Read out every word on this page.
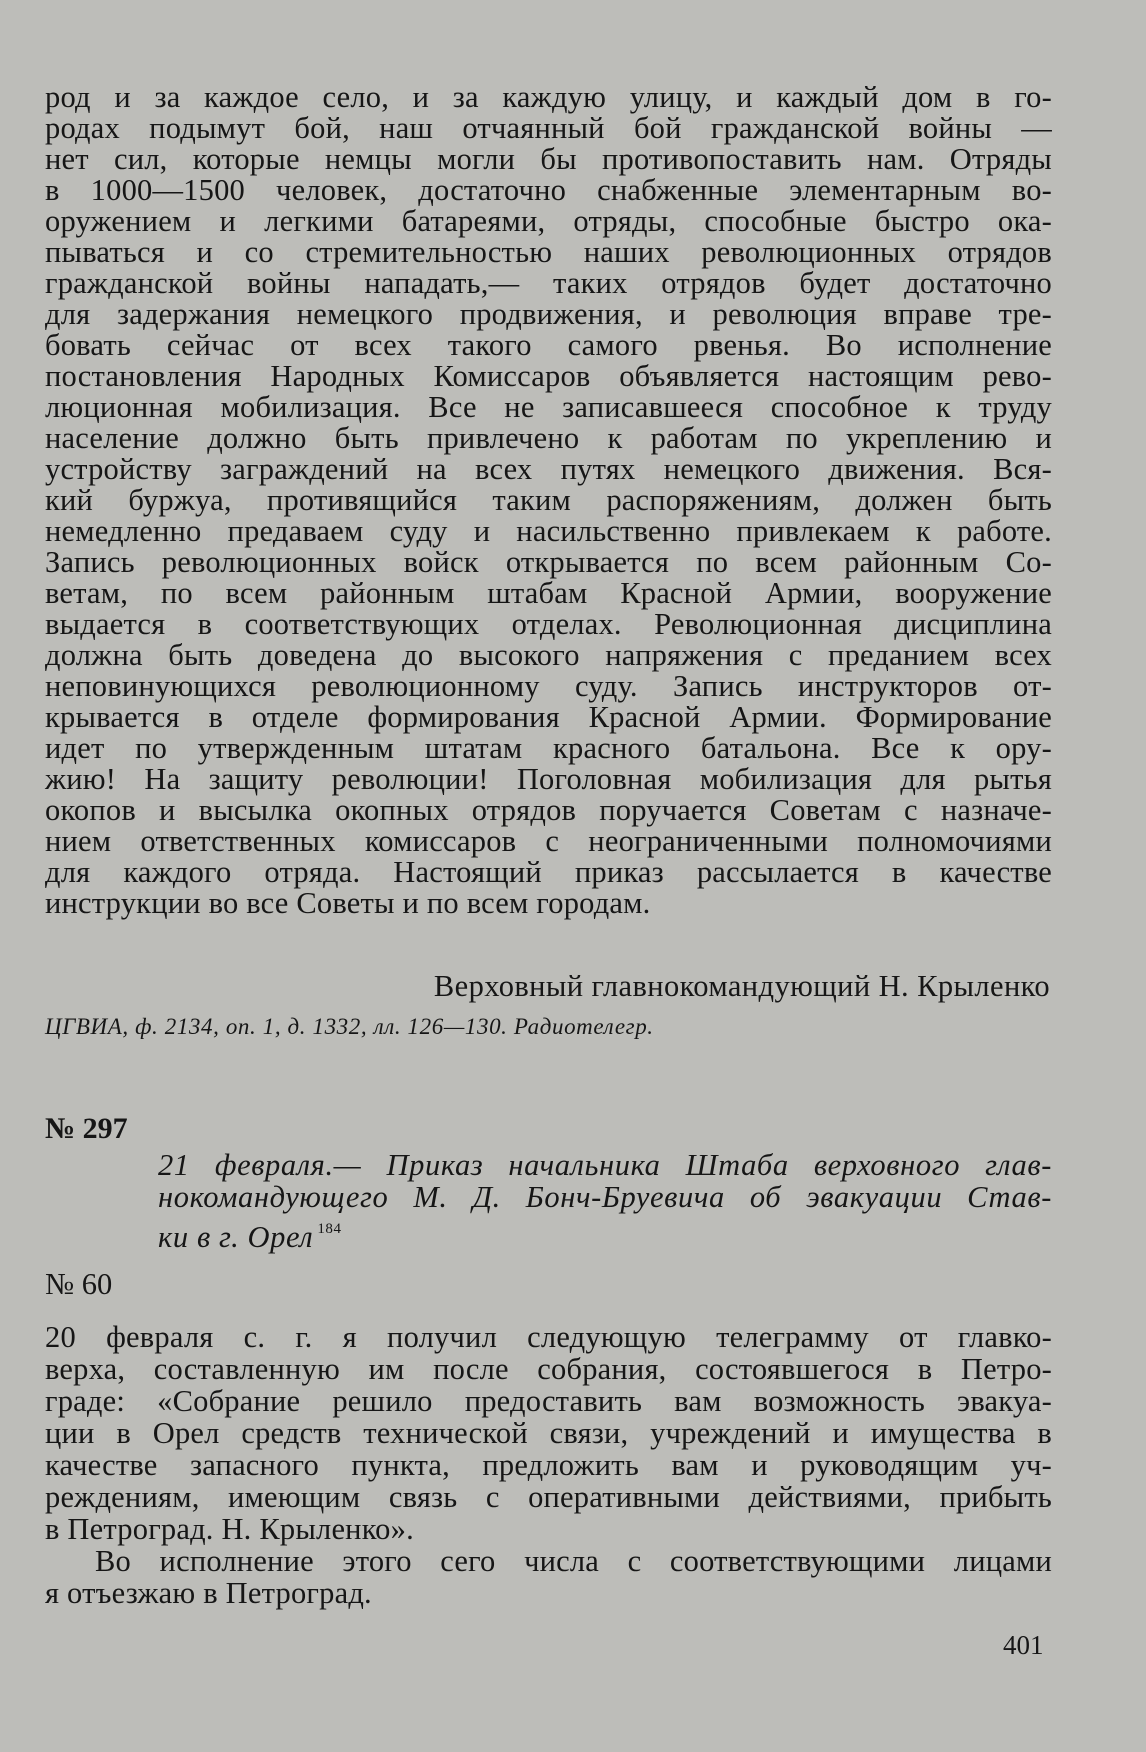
род и за каждое село, и за каждую улицу, и каждый дом в го-
родах подымут бой, наш отчаянный бой гражданской войны —
нет сил, которые немцы могли бы противопоставить нам. Отряды
в 1000—1500 человек, достаточно снабженные элементарным во-
оружением и легкими батареями, отряды, способные быстро ока-
пываться и со стремительностью наших революционных отрядов
гражданской войны нападать,— таких отрядов будет достаточно
для задержания немецкого продвижения, и революция вправе тре-
бовать сейчас от всех такого самого рвенья. Во исполнение
постановления Народных Комиссаров объявляется настоящим рево-
люционная мобилизация. Все не записавшееся способное к труду
население должно быть привлечено к работам по укреплению и
устройству заграждений на всех путях немецкого движения. Вся-
кий буржуа, противящийся таким распоряжениям, должен быть
немедленно предаваем суду и насильственно привлекаем к работе.
Запись революционных войск открывается по всем районным Со-
ветам, по всем районным штабам Красной Армии, вооружение
выдается в соответствующих отделах. Революционная дисциплина
должна быть доведена до высокого напряжения с преданием всех
неповинующихся революционному суду. Запись инструкторов от-
крывается в отделе формирования Красной Армии. Формирование
идет по утвержденным штатам красного батальона. Все к ору-
жию! На защиту революции! Поголовная мобилизация для рытья
окопов и высылка окопных отрядов поручается Советам с назначе-
нием ответственных комиссаров с неограниченными полномочиями
для каждого отряда. Настоящий приказ рассылается в качестве
инструкции во все Советы и по всем городам.
Верховный главнокомандующий Н. Крыленко
ЦГВИА, ф. 2134, оп. 1, д. 1332, лл. 126—130. Радиотелегр.
№ 297
21 февраля.— Приказ начальника Штаба верховного глав-
нокомандующего М. Д. Бонч-Бруевича об эвакуации Став-
ки в г. Орел $^{184}$
№ 60
20 февраля с. г. я получил следующую телеграмму от главко-
верха, составленную им после собрания, состоявшегося в Петро-
граде: «Собрание решило предоставить вам возможность эвакуа-
ции в Орел средств технической связи, учреждений и имущества в
качестве запасного пункта, предложить вам и руководящим уч-
реждениям, имеющим связь с оперативными действиями, прибыть
в Петроград. Н. Крыленко».
Во исполнение этого сего числа с соответствующими лицами
я отъезжаю в Петроград.
401
